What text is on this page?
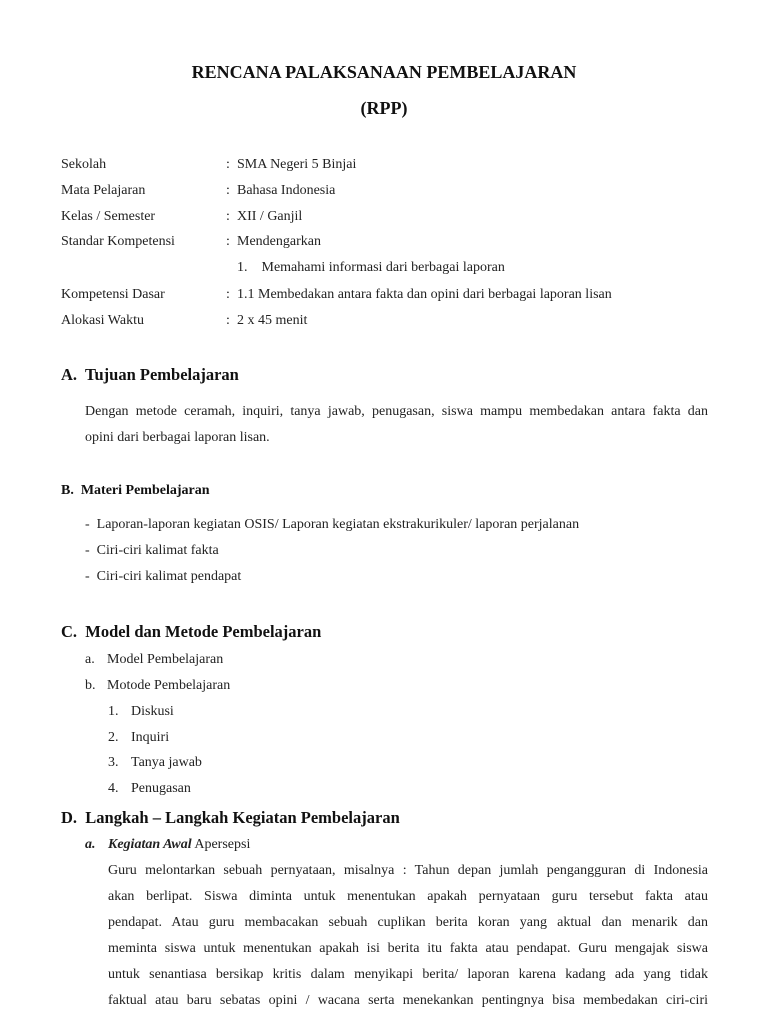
RENCANA PALAKSANAAN PEMBELAJARAN
(RPP)
Sekolah	: SMA Negeri 5 Binjai
Mata Pelajaran	: Bahasa Indonesia
Kelas / Semester	: XII / Ganjil
Standar Kompetensi	: Mendengarkan
1.    Memahami informasi dari berbagai laporan
Kompetensi Dasar	: 1.1 Membedakan antara fakta dan opini dari berbagai laporan lisan
Alokasi Waktu	: 2 x 45 menit
A.  Tujuan Pembelajaran
Dengan metode ceramah, inquiri, tanya jawab, penugasan, siswa mampu membedakan antara fakta dan
opini dari berbagai laporan lisan.
B.  Materi Pembelajaran
-  Laporan-laporan kegiatan OSIS/ Laporan kegiatan ekstrakurikuler/ laporan perjalanan
-  Ciri-ciri kalimat fakta
-  Ciri-ciri kalimat pendapat
C.  Model dan Metode Pembelajaran
a. Model Pembelajaran
b. Motode Pembelajaran
1. Diskusi
2. Inquiri
3. Tanya jawab
4. Penugasan
D.  Langkah – Langkah Kegiatan Pembelajaran
a. Kegiatan Awal Apersepsi
Guru melontarkan sebuah pernyataan, misalnya : Tahun depan jumlah pengangguran di Indonesia
akan berlipat. Siswa diminta untuk menentukan apakah pernyataan guru tersebut fakta atau
pendapat. Atau guru membacakan sebuah cuplikan berita koran yang aktual dan menarik dan
meminta siswa untuk menentukan apakah isi berita itu fakta atau pendapat. Guru mengajak siswa
untuk senantiasa bersikap kritis dalam menyikapi berita/ laporan karena kadang ada yang tidak
faktual atau baru sebatas opini / wacana serta menekankan pentingnya bisa membedakan ciri-ciri
